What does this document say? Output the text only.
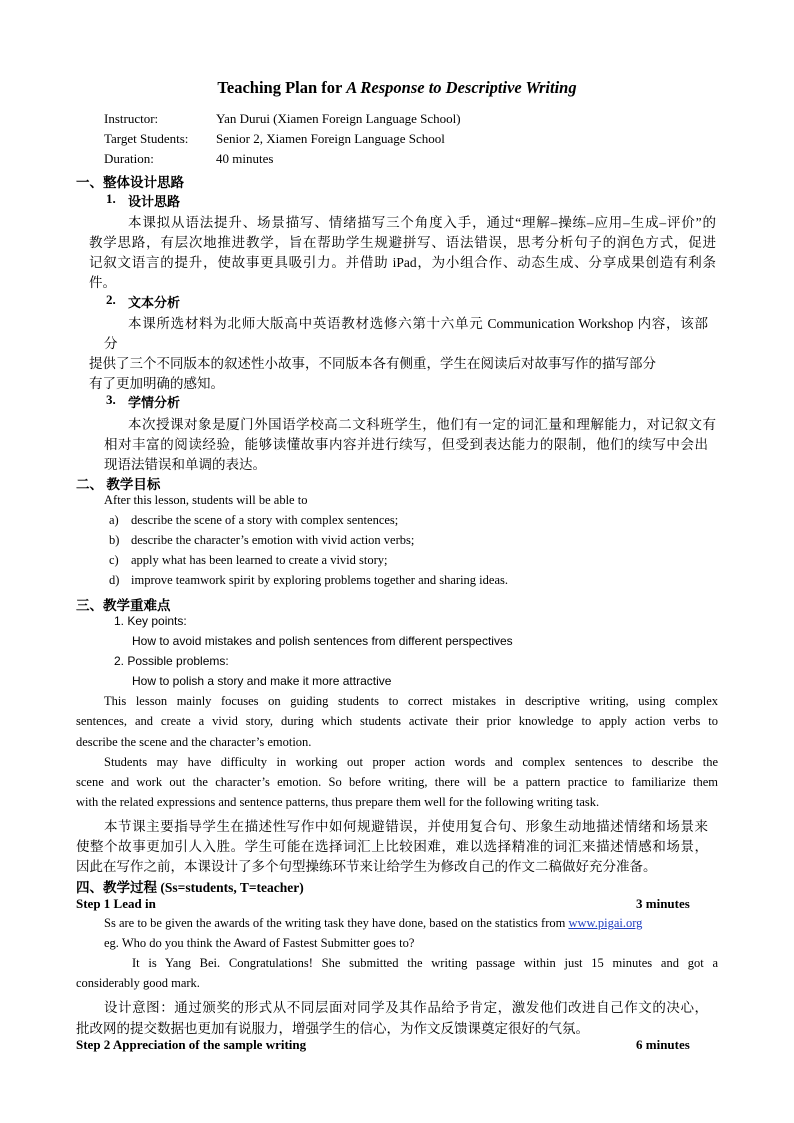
Teaching Plan for A Response to Descriptive Writing
Instructor:	Yan Durui (Xiamen Foreign Language School)
Target Students: Senior 2, Xiamen Foreign Language School
Duration:	40 minutes
一、整体设计思路
1. 设计思路
本课拟从语法提升、场景描写、情绪描写三个角度入手，通过“理解–操练–应用–生成–评价”的
教学思路，有层次地推进教学，旨在帮助学生规避拼写、语法错误，思考分析句子的润色方式，促进
记叙文语言的提升，使故事更具吸引力。并借助 iPad，为小组合作、动态生成、分享成果创造有利条
件。
2. 文本分析
本课所选材料为北师大版高中英语教材选修六第十六单元 Communication Workshop 内容，该部
分
提供了三个不同版本的叙述性小故事，不同版本各有侧重，学生在阅读后对故事写作的描写部分
有了更加明确的感知。
3. 学情分析
本次授课对象是厦门外国语学校高二文科班学生，他们有一定的词汇量和理解能力，对记叙文有
相对丰富的阅读经验，能够读懂故事内容并进行续写，但受到表达能力的限制，他们的续写中会出
现语法错误和单调的表达。
二、 教学目标
After this lesson, students will be able to
a) describe the scene of a story with complex sentences;
b) describe the character’s emotion with vivid action verbs;
c) apply what has been learned to create a vivid story;
d) improve teamwork spirit by exploring problems together and sharing ideas.
三、教学重难点
1. Key points:
How to avoid mistakes and polish sentences from different perspectives
2. Possible problems:
How to polish a story and make it more attractive
This lesson mainly focuses on guiding students to correct mistakes in descriptive writing, using complex
sentences, and create a vivid story, during which students activate their prior knowledge to apply action verbs to
describe the scene and the character’s emotion.
Students may have difficulty in working out proper action words and complex sentences to describe the
scene and work out the character’s emotion. So before writing, there will be a pattern practice to familiarize them
with the related expressions and sentence patterns, thus prepare them well for the following writing task.
本节课主要指导学生在描述性写作中如何规避错误，并使用复合句、形象生动地描述情绪和场景来
使整个故事更加引人入胜。学生可能在选择词汇上比较困难，难以选择精准的词汇来描述情感和场景，
因此在写作之前，本课设计了多个句型操练环节来让给学生为修改自己的作文二稿做好充分准备。
四、教学过程 (Ss=students, T=teacher)
Step 1 Lead in	3 minutes
Ss are to be given the awards of the writing task they have done, based on the statistics from www.pigai.org
eg. Who do you think the Award of Fastest Submitter goes to?
It is Yang Bei. Congratulations! She submitted the writing passage within just 15 minutes and got a
considerably good mark.
设计意图：通过颁奖的形式从不同层面对同学及其作品给予肯定，激发他们改进自己作文的决心，
批改网的提交数据也更加有说服力，增强学生的信心，为作文反馈课奠定很好的气氛。
Step 2 Appreciation of the sample writing	6 minutes
